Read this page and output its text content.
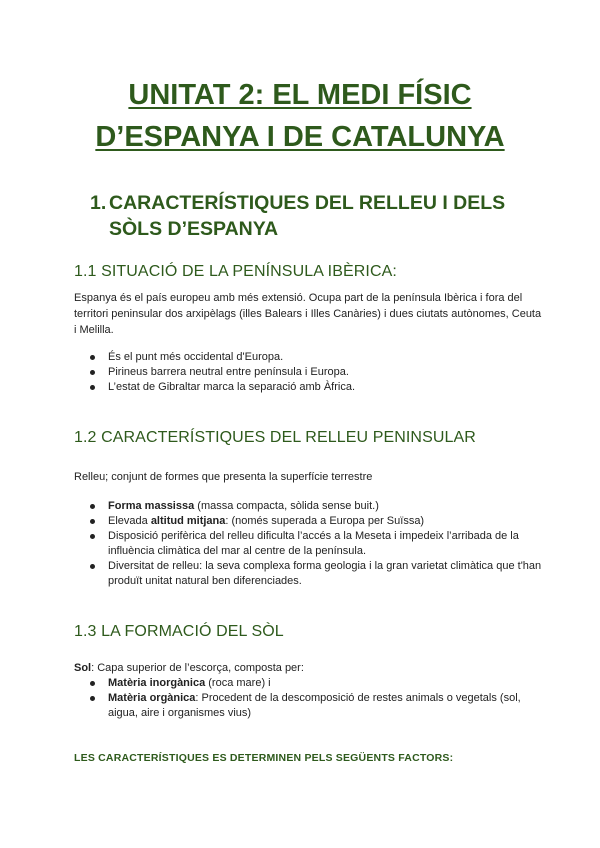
UNITAT 2: EL MEDI FÍSIC
D’ESPANYA I DE CATALUNYA
1. CARACTERÍSTIQUES DEL RELLEU I DELS SÒLS D’ESPANYA
1.1 SITUACIÓ DE LA PENÍNSULA IBÈRICA:
Espanya és el país europeu amb més extensió. Ocupa part de la península Ibèrica i fora del territori peninsular dos arxipèlags (illes Balears i Illes Canàries) i dues ciutats autònomes, Ceuta i Melilla.
És el punt més occidental d'Europa.
Pirineus barrera neutral entre península i Europa.
L’estat de Gibraltar marca la separació amb Àfrica.
1.2 CARACTERÍSTIQUES DEL RELLEU PENINSULAR
Relleu; conjunt de formes que presenta la superfície terrestre
Forma massissa (massa compacta, sòlida sense buit.)
Elevada altitud mitjana: (només superada a Europa per Suïssa)
Disposició perifèrica del relleu dificulta l’accés a la Meseta i impedeix l’arribada de la influència climàtica del mar al centre de la península.
Diversitat de relleu: la seva complexa forma geologia i la gran varietat climàtica que t'han produït unitat natural ben diferenciades.
1.3 LA FORMACIÓ DEL SÒL
Sol: Capa superior de l’escorça, composta per:
Matèria inorgànica (roca mare) i
Matèria orgànica: Procedent de la descomposició de restes animals o vegetals (sol, aigua, aire i organismes vius)
LES CARACTERÍSTIQUES ES DETERMINEN PELS SEGÜENTS FACTORS:
